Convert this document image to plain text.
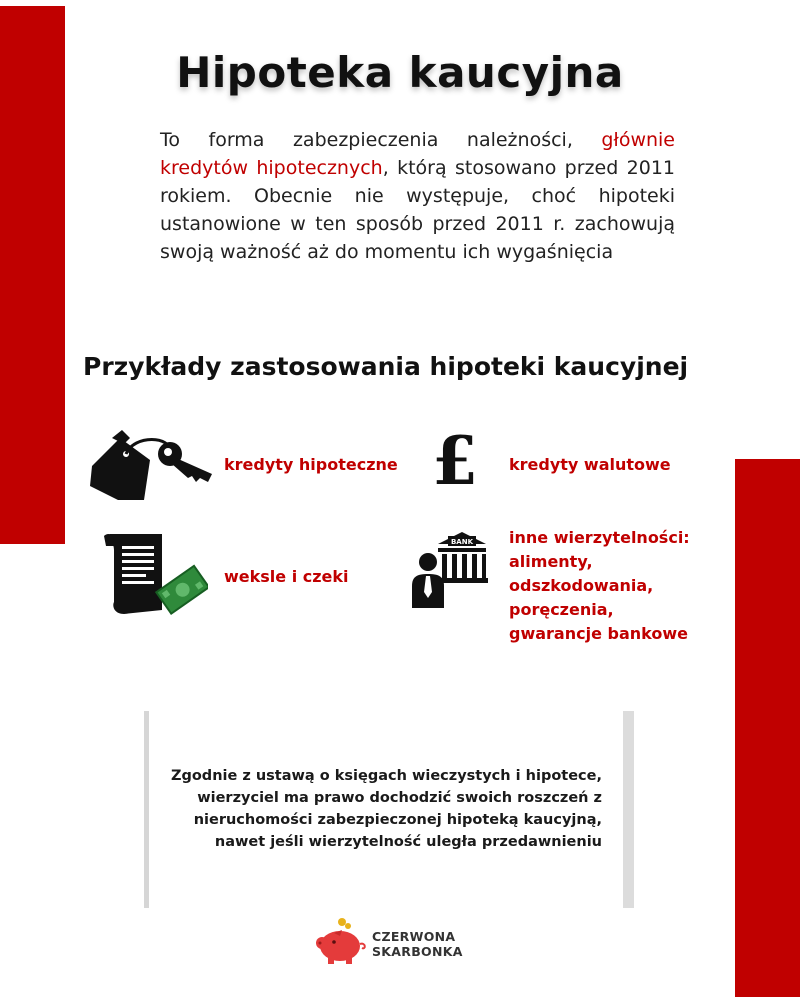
Hipoteka kaucyjna

To forma zabezpieczenia należności, głównie kredytów hipotecznych, którą stosowano przed 2011 rokiem. Obecnie nie występuje, choć hipoteki ustanowione w ten sposób przed 2011 r. zachowują swoją ważność aż do momentu ich wygaśnięcia

Przykłady zastosowania hipoteki kaucyjnej
kredyty hipoteczne £ kredyty walutowe
weksle i czeki
BANK inne wierzytelności:
alimenty,
odszkodowania,
poręczenia,
gwarancje bankowe
Zgodnie z ustawą o księgach wieczystych i hipotece,
wierzyciel ma prawo dochodzić swoich roszczeń z
nieruchomości zabezpieczonej hipoteką kaucyjną,
nawet jeśli wierzytelność uległa przedawnieniu
CZERWONA
SKARBONKA
